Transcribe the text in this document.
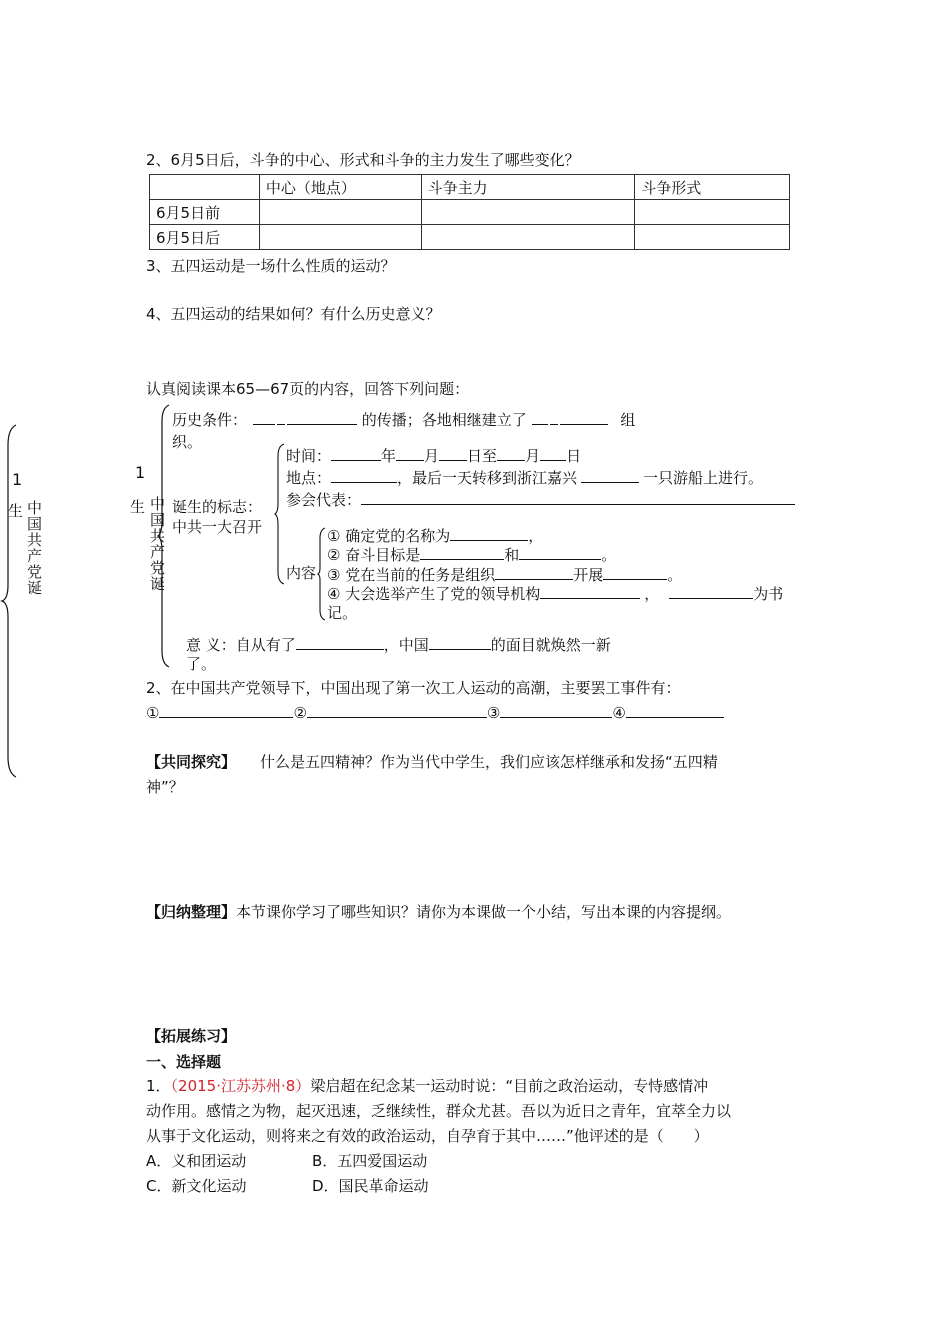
2、6月5日后，斗争的中心、形式和斗争的主力发生了哪些变化？
	中心（地点）	斗争主力	斗争形式
6月5日前			
6月5日后			
3、五四运动是一场什么性质的运动？
4、五四运动的结果如何？有什么历史意义？
认真阅读课本65—67页的内容，回答下列问题：
1
生 中国共产党诞
1
生 中国共产党诞
历史条件：	的传播；各地相继建立了	组
织。
诞生的标志：
中共一大召开
时间：	年 月 日至 月 日
地点：	，最后一天转移到浙江嘉兴	一只游船上进行。
参会代表：
内容
① 确定党的名称为	，
② 奋斗目标是	和	。
③ 党在当前的任务是组织	开展	。
④ 大会选举产生了党的领导机构	，	为书
记。
意 义：自从有了	，中国	的面目就焕然一新
了。
2、在中国共产党领导下，中国出现了第一次工人运动的高潮，主要罢工事件有：
①	②	③	④
【共同探究】 什么是五四精神？作为当代中学生，我们应该怎样继承和发扬“五四精
神”？
【归纳整理】本节课你学习了哪些知识？请你为本课做一个小结，写出本课的内容提纲。
【拓展练习】
一、选择题
1．（2015·江苏苏州·8）梁启超在纪念某一运动时说：“目前之政治运动，专恃感情冲
动作用。感情之为物，起灭迅速，乏继续性，群众尤甚。吾以为近日之青年，宜萃全力以
从事于文化运动，则将来之有效的政治运动，自孕育于其中……”他评述的是（　　）
A．义和团运动	B．五四爱国运动
C．新文化运动	D．国民革命运动
